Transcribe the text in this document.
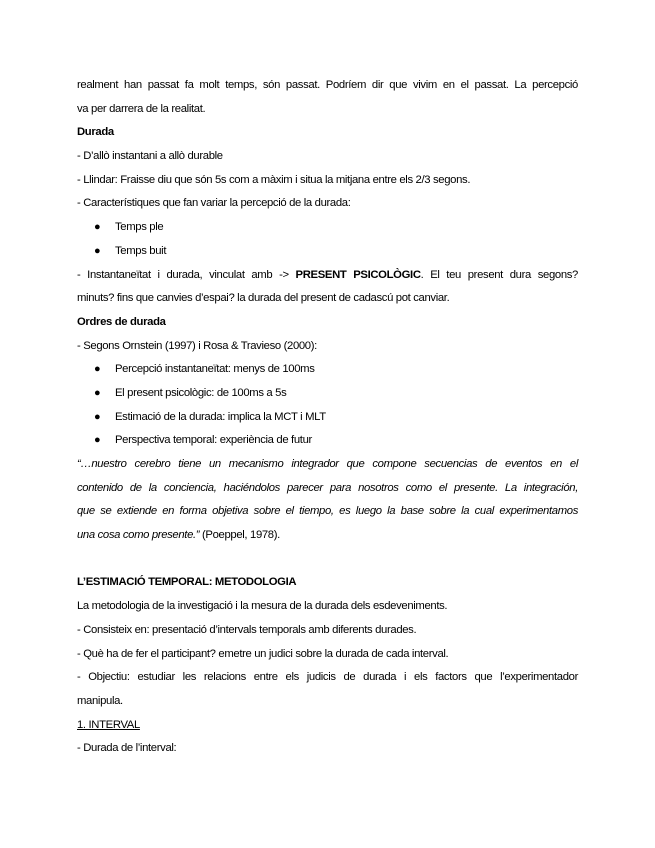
realment han passat fa molt temps, són passat. Podríem dir que vivim en el passat. La percepció
va per darrera de la realitat.
Durada
- D’allò instantani a allò durable
- Llindar: Fraisse diu que són 5s com a màxim i situa la mitjana entre els 2/3 segons.
- Característiques que fan variar la percepció de la durada:
● Temps ple
● Temps buit
- Instantaneïtat i durada, vinculat amb -> PRESENT PSICOLÒGIC. El teu present dura segons?
minuts? fins que canvies d’espai? la durada del present de cadascú pot canviar.
Ordres de durada
- Segons Ornstein (1997) i Rosa & Travieso (2000):
● Percepció instantaneïtat: menys de 100ms
● El present psicològic: de 100ms a 5s
● Estimació de la durada: implica la MCT i MLT
● Perspectiva temporal: experiència de futur
“…nuestro cerebro tiene un mecanismo integrador que compone secuencias de eventos en el
contenido de la conciencia, haciéndolos parecer para nosotros como el presente. La integración,
que se extiende en forma objetiva sobre el tiempo, es luego la base sobre la cual experimentamos
una cosa como presente.” (Poeppel, 1978).
L’ESTIMACIÓ TEMPORAL: METODOLOGIA
La metodologia de la investigació i la mesura de la durada dels esdeveniments.
- Consisteix en: presentació d’intervals temporals amb diferents durades.
- Què ha de fer el participant? emetre un judici sobre la durada de cada interval.
- Objectiu: estudiar les relacions entre els judicis de durada i els factors que l’experimentador
manipula.
1. INTERVAL
- Durada de l’interval:
